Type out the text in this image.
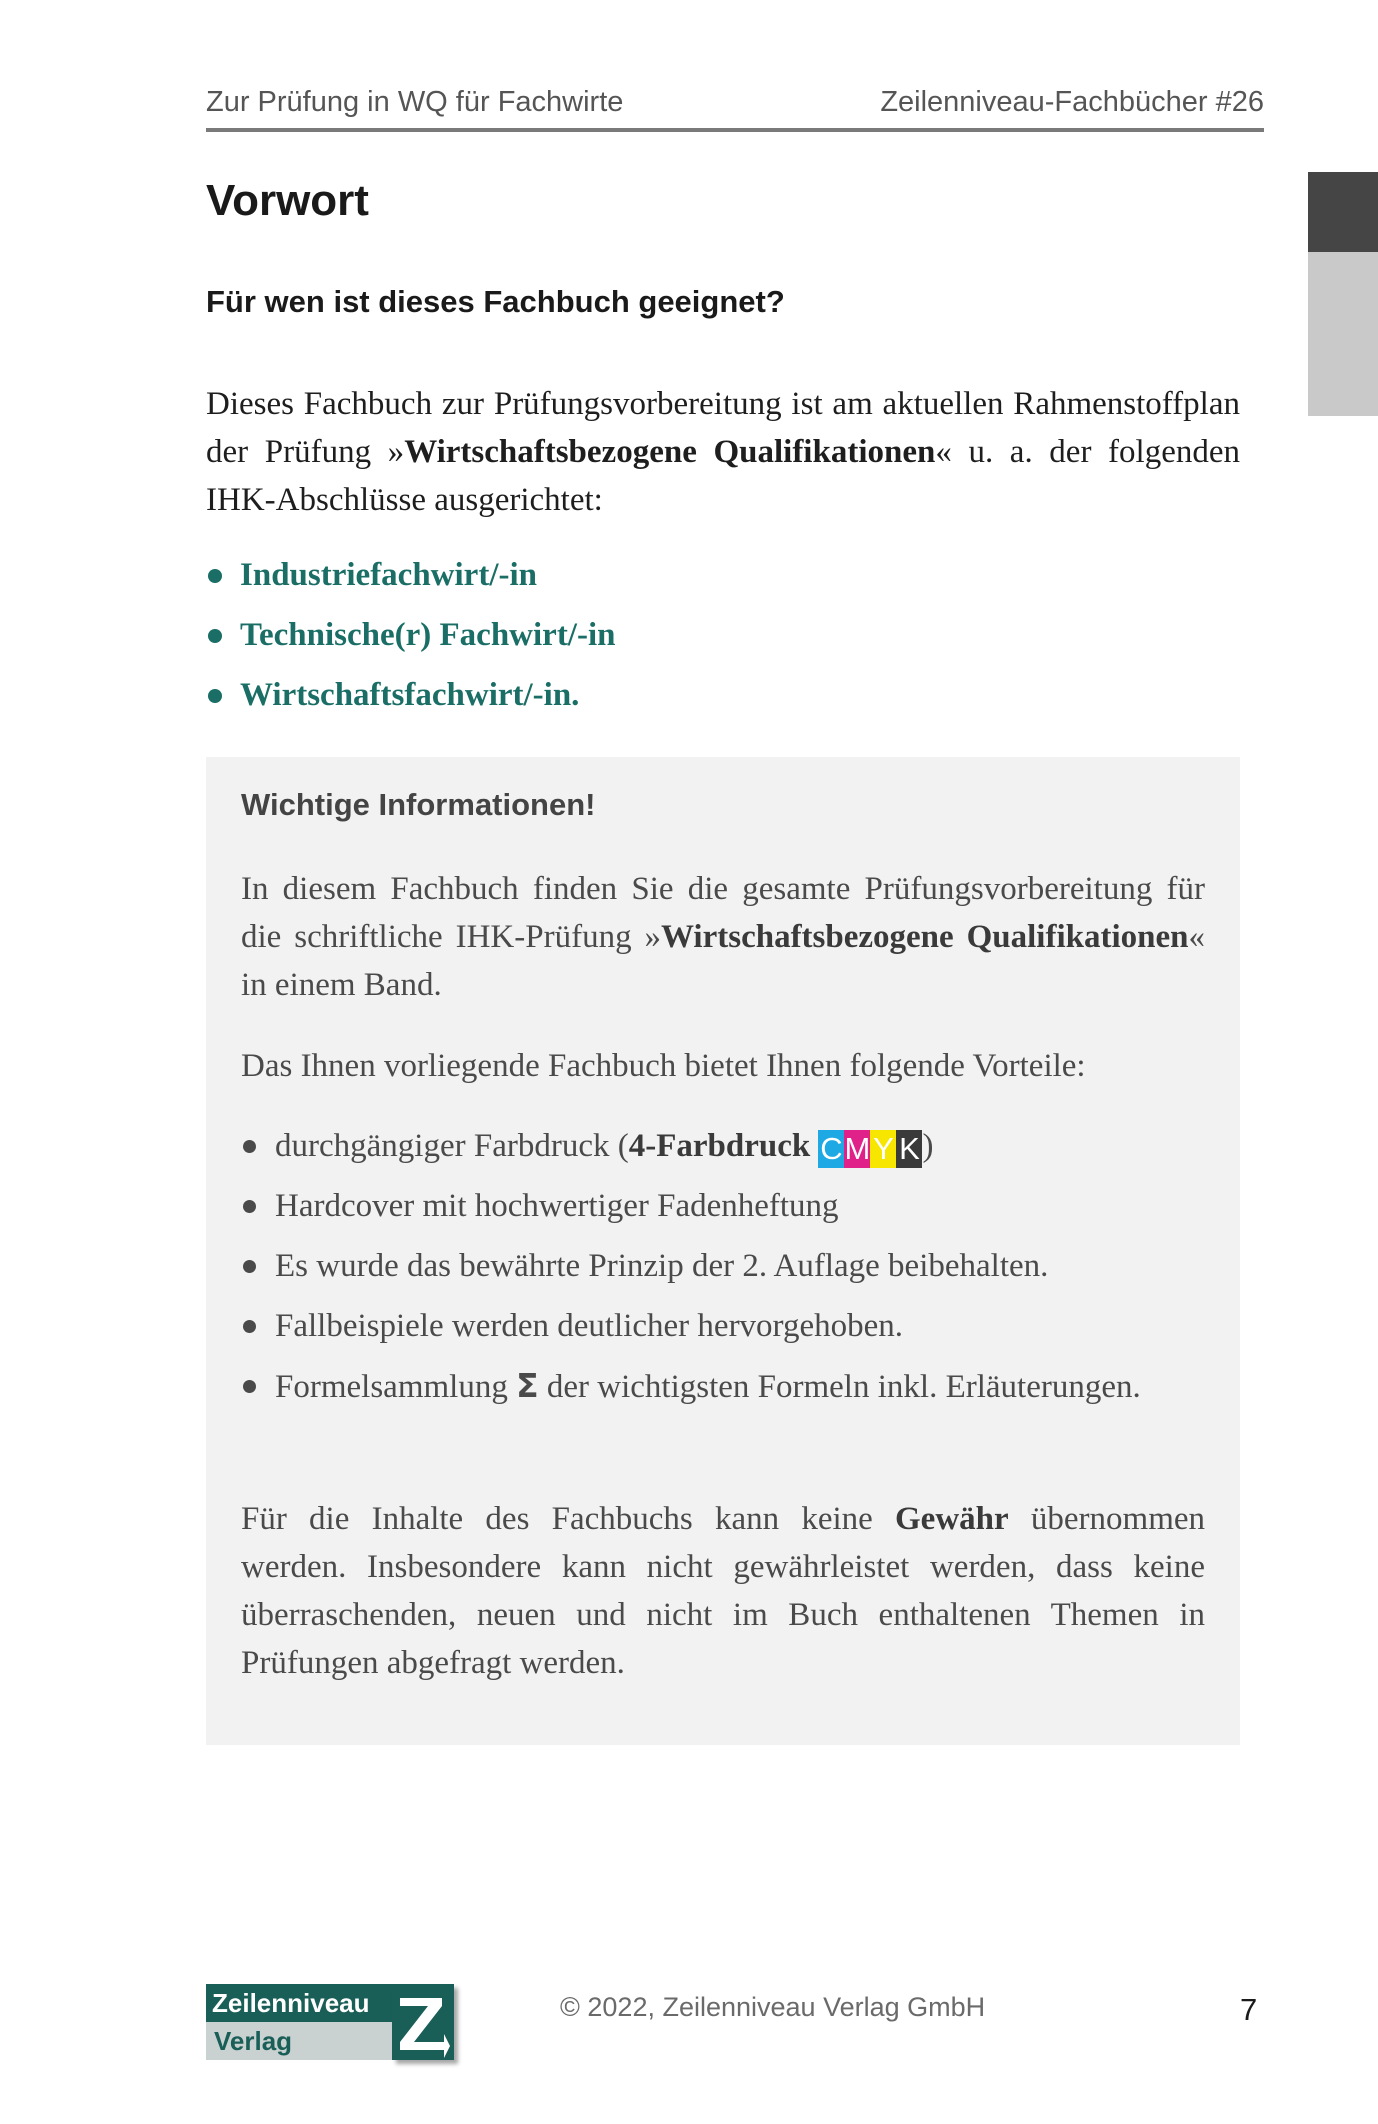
Zur Prüfung in WQ für Fachwirte	Zeilenniveau-Fachbücher #26
Vorwort
Für wen ist dieses Fachbuch geeignet?

Dieses Fachbuch zur Prüfungsvorbereitung ist am aktuellen Rahmenstoffplan der Prüfung »Wirtschaftsbezogene Qualifikationen« u. a. der folgenden IHK-Abschlüsse ausgerichtet:

Industriefachwirt/-in
Technische(r) Fachwirt/-in
Wirtschaftsfachwirt/-in.
Wichtige Informationen!

In diesem Fachbuch finden Sie die gesamte Prüfungsvorbereitung für die schriftliche IHK-Prüfung »Wirtschaftsbezogene Qualifikationen« in einem Band.

Das Ihnen vorliegende Fachbuch bietet Ihnen folgende Vorteile:

durchgängiger Farbdruck (4-Farbdruck CMY K)
Hardcover mit hochwertiger Fadenheftung
Es wurde das bewährte Prinzip der 2. Auflage beibehalten.
Fallbeispiele werden deutlicher hervorgehoben.
Formelsammlung Σ der wichtigsten Formeln inkl. Erläuterungen.

Für die Inhalte des Fachbuchs kann keine Gewähr übernommen werden. Insbesondere kann nicht gewährleistet werden, dass keine überraschenden, neuen und nicht im Buch enthaltenen Themen in Prüfungen abgefragt werden.

Zeilenniveau
Verlag
© 2022, Zeilenniveau Verlag GmbH	7
